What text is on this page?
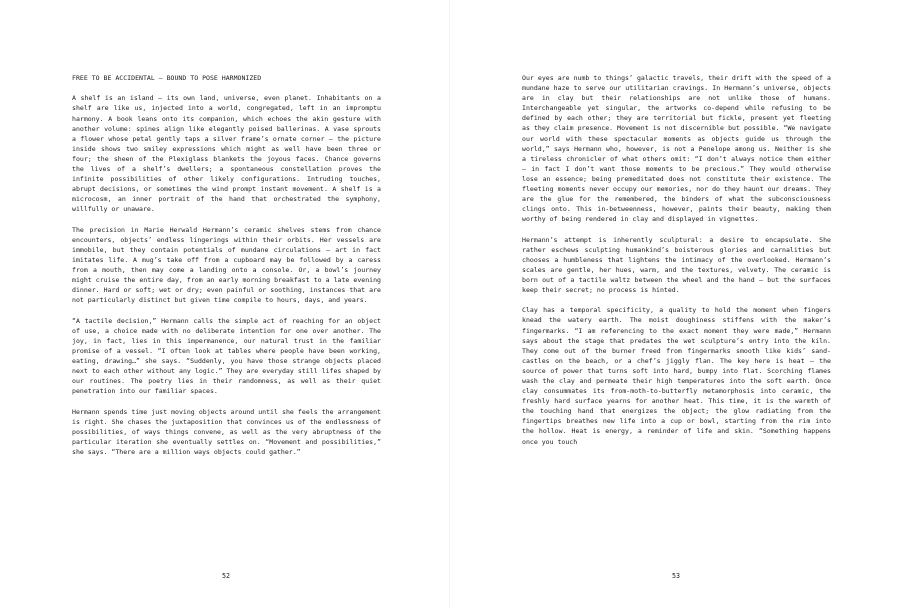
FREE TO BE ACCIDENTAL – BOUND TO POSE HARMONIZED

A shelf is an island – its own land, universe, even planet. Inhabitants on a shelf are like us, injected into a world, congregated, left in an impromptu harmony. A book leans onto its companion, which echoes the akin gesture with another volume: spines align like elegantly poised ballerinas. A vase sprouts a flower whose petal gently taps a silver frame’s ornate corner – the picture inside shows two smiley expressions which might as well have been three or four; the sheen of the Plexiglass blankets the joyous faces. Chance governs the lives of a shelf’s dwellers; a spontaneous constellation proves the infinite possibilities of other likely configurations. Intruding touches, abrupt decisions, or sometimes the wind prompt instant movement. A shelf is a microcosm, an inner portrait of the hand that orchestrated the symphony, willfully or unaware.

The precision in Marie Herwald Hermann’s ceramic shelves stems from chance encounters, objects’ endless lingerings within their orbits. Her vessels are immobile, but they contain potentials of mundane circulations – art in fact imitates life. A mug’s take off from a cupboard may be followed by a caress from a mouth, then may come a landing onto a console. Or, a bowl’s journey might cruise the entire day, from an early morning breakfast to a late evening dinner. Hard or soft; wet or dry; even painful or soothing, instances that are not particularly distinct but given time compile to hours, days, and years.

“A tactile decision,” Hermann calls the simple act of reaching for an object of use, a choice made with no deliberate intention for one over another. The joy, in fact, lies in this impermanence, our natural trust in the familiar promise of a vessel. “I often look at tables where people have been working, eating, drawing…” she says. “Suddenly, you have those strange objects placed next to each other without any logic.” They are everyday still lifes shaped by our routines. The poetry lies in their randomness, as well as their quiet penetration into our familiar spaces.

Hermann spends time just moving objects around until she feels the arrangement is right. She chases the juxtaposition that convinces us of the endlessness of possibilities, of ways things convene, as well as the very abruptness of the particular iteration she eventually settles on. “Movement and possibilities,” she says. “There are a million ways objects could gather.”

52

Our eyes are numb to things’ galactic travels, their drift with the speed of a mundane haze to serve our utilitarian cravings. In Hermann’s universe, objects are in clay but their relationships are not unlike those of humans. Interchangeable yet singular, the artworks co-depend while refusing to be defined by each other; they are territorial but fickle, present yet fleeting as they claim presence. Movement is not discernible but possible. “We navigate our world with these spectacular moments as objects guide us through the world,” says Hermann who, however, is not a Penelope among us. Neither is she a tireless chronicler of what others omit: “I don’t always notice them either – in fact I don’t want those moments to be precious.” They would otherwise lose an essence; being premeditated does not constitute their existence. The fleeting moments never occupy our memories, nor do they haunt our dreams. They are the glue for the remembered, the binders of what the subconsciousness clings onto. This in-betweenness, however, paints their beauty, making them worthy of being rendered in clay and displayed in vignettes.

Hermann’s attempt is inherently sculptural: a desire to encapsulate. She rather eschews sculpting humankind’s boisterous glories and carnalities but chooses a humbleness that lightens the intimacy of the overlooked. Hermann’s scales are gentle, her hues, warm, and the textures, velvety. The ceramic is born out of a tactile waltz between the wheel and the hand – but the surfaces keep their secret; no process is hinted.

Clay has a temporal specificity, a quality to hold the moment when fingers knead the watery earth. The moist doughiness stiffens with the maker’s fingermarks. “I am referencing to the exact moment they were made,” Hermann says about the stage that predates the wet sculpture’s entry into the kiln. They come out of the burner freed from fingermarks smooth like kids’ sandcastles on the beach, or a chef’s jiggly flan. The key here is heat – the source of power that turns soft into hard, bumpy into flat. Scorching flames wash the clay and permeate their high temperatures into the soft earth. Once clay consummates its from-moth-to-butterfly metamorphosis into ceramic, the freshly hard surface yearns for another heat. This time, it is the warmth of the touching hand that energizes the object; the glow radiating from the fingertips breathes new life into a cup or bowl, starting from the rim into the hollow. Heat is energy, a reminder of life and skin. “Something happens once you touch

53
